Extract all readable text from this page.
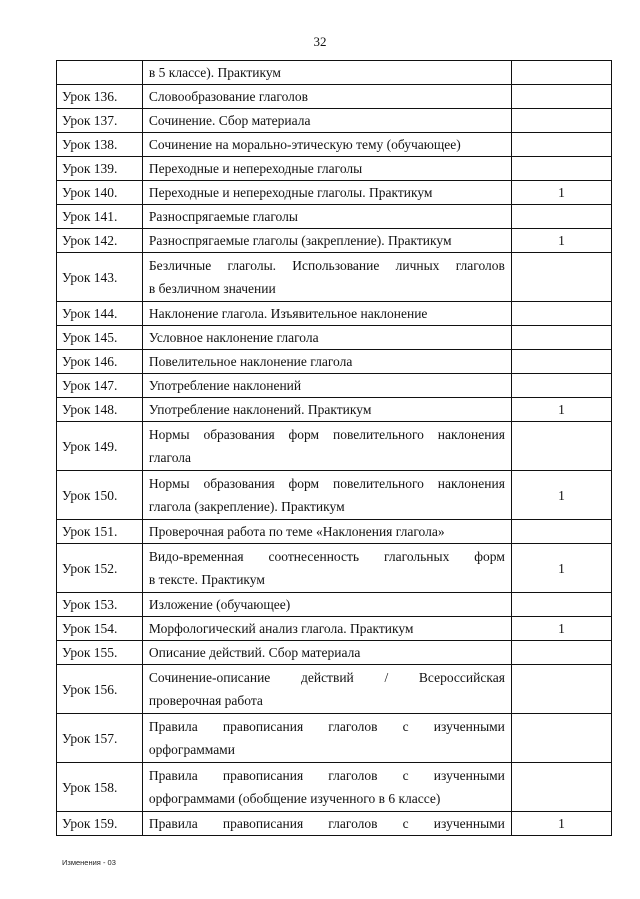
32

	в 5 классе). Практикум	

Урок 136.	Словообразование глаголов	

Урок 137.	Сочинение. Сбор материала	

Урок 138.	Сочинение на морально-этическую тему (обучающее)	

Урок 139.	Переходные и непереходные глаголы	

Урок 140.	Переходные и непереходные глаголы. Практикум	1
Урок 141.	Разноспрягаемые глаголы	

Урок 142.	Разноспрягаемые глаголы (закрепление). Практикум	1
Урок 143.	Безличные глаголы. Использование личных глаголов
в безличном значении	

Урок 144.	Наклонение глагола. Изъявительное наклонение	

Урок 145.	Условное наклонение глагола	

Урок 146.	Повелительное наклонение глагола	

Урок 147.	Употребление наклонений	

Урок 148.	Употребление наклонений. Практикум	1
Урок 149.	Нормы образования форм повелительного наклонения
глагола	

Урок 150.	Нормы образования форм повелительного наклонения
глагола (закрепление). Практикум	1
Урок 151.	Проверочная работа по теме «Наклонения глагола»	

Урок 152.	Видо-временная соотнесенность глагольных форм
в тексте. Практикум	1
Урок 153.	Изложение (обучающее)	

Урок 154.	Морфологический анализ глагола. Практикум	1
Урок 155.	Описание действий. Сбор материала	

Урок 156.	Сочинение-описание действий / Всероссийская
проверочная работа	

Урок 157.	Правила правописания глаголов с изученными
орфограммами	

Урок 158.	Правила правописания глаголов с изученными
орфограммами (обобщение изученного в 6 классе)	

Урок 159.	Правила правописания глаголов с изученными	1
Изменения - 03
